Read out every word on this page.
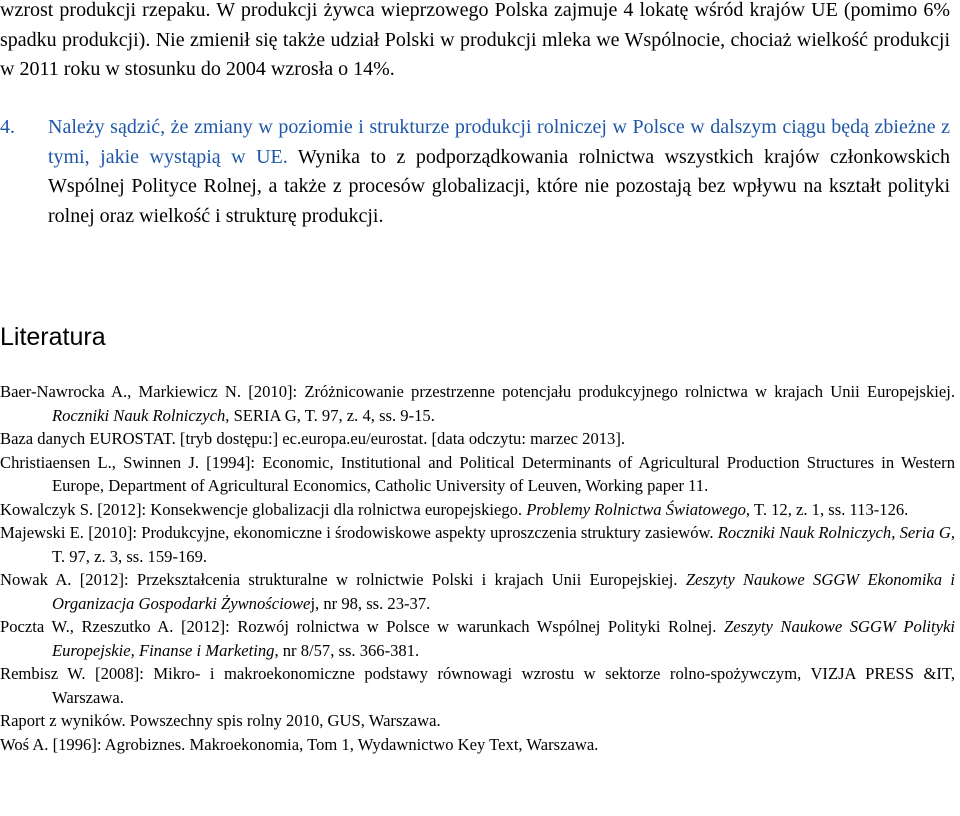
wzrost produkcji rzepaku. W produkcji żywca wieprzowego Polska zajmuje 4 lokatę wśród krajów UE (pomimo 6% spadku produkcji). Nie zmienił się także udział Polski w produkcji mleka we Wspólnocie, chociaż wielkość produkcji w 2011 roku w stosunku do 2004 wzrosła o 14%.

4. Należy sądzić, że zmiany w poziomie i strukturze produkcji rolniczej w Polsce w dalszym ciągu będą zbieżne z tymi, jakie wystąpią w UE. Wynika to z podporządkowania rolnictwa wszystkich krajów członkowskich Wspólnej Polityce Rolnej, a także z procesów globalizacji, które nie pozostają bez wpływu na kształt polityki rolnej oraz wielkość i strukturę produkcji.

Literatura
Baer-Nawrocka A., Markiewicz N. [2010]: Zróżnicowanie przestrzenne potencjału produkcyjnego rolnictwa w krajach Unii Europejskiej. Roczniki Nauk Rolniczych, SERIA G, T. 97, z. 4, ss. 9-15.
Baza danych EUROSTAT. [tryb dostępu:] ec.europa.eu/eurostat. [data odczytu: marzec 2013].
Christiaensen L., Swinnen J. [1994]: Economic, Institutional and Political Determinants of Agricultural Production Structures in Western Europe, Department of Agricultural Economics, Catholic University of Leuven, Working paper 11.
Kowalczyk S. [2012]: Konsekwencje globalizacji dla rolnictwa europejskiego. Problemy Rolnictwa Światowego, T. 12, z. 1, ss. 113-126.
Majewski E. [2010]: Produkcyjne, ekonomiczne i środowiskowe aspekty uproszczenia struktury zasiewów. Roczniki Nauk Rolniczych, Seria G, T. 97, z. 3, ss. 159-169.
Nowak A. [2012]: Przekształcenia strukturalne w rolnictwie Polski i krajach Unii Europejskiej. Zeszyty Naukowe SGGW Ekonomika i Organizacja Gospodarki Żywnościowej, nr 98, ss. 23-37.
Poczta W., Rzeszutko A. [2012]: Rozwój rolnictwa w Polsce w warunkach Wspólnej Polityki Rolnej. Zeszyty Naukowe SGGW Polityki Europejskie, Finanse i Marketing, nr 8/57, ss. 366-381.
Rembisz W. [2008]: Mikro- i makroekonomiczne podstawy równowagi wzrostu w sektorze rolno-spożywczym, VIZJA PRESS &IT, Warszawa.
Raport z wyników. Powszechny spis rolny 2010, GUS, Warszawa.
Woś A. [1996]: Agrobiznes. Makroekonomia, Tom 1, Wydawnictwo Key Text, Warszawa.
